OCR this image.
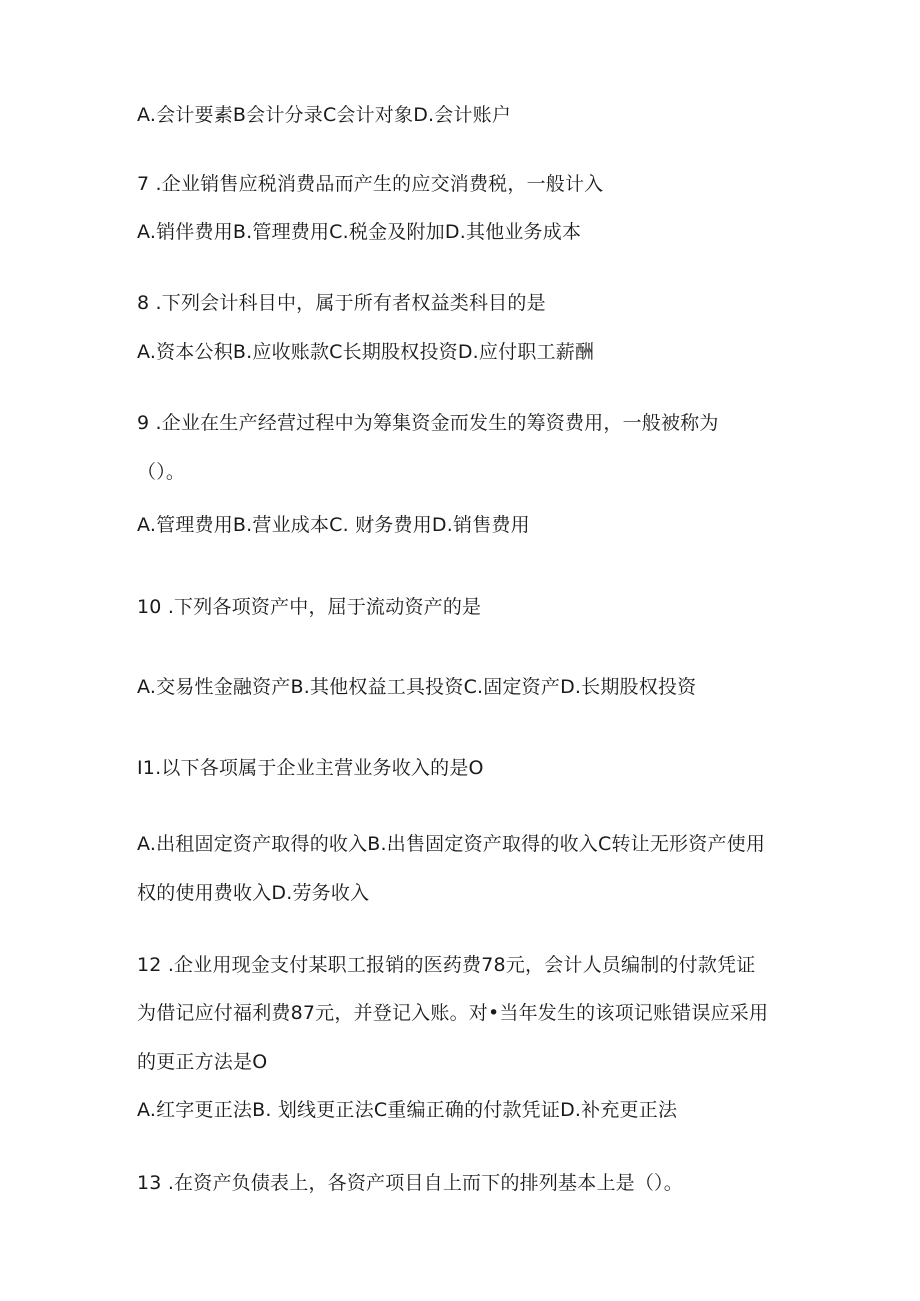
A.会计要素B会计分录C会计对象D.会计账户
7 .企业销售应税消费品而产生的应交消费税，一般计入
A.销伴费用B.管理费用C.税金及附加D.其他业务成本
8 .下列会计科目中，属于所有者权益类科目的是
A.资本公积B.应收账款C长期股权投资D.应付职工薪酬
9 .企业在生产经营过程中为筹集资金而发生的筹资费用，一般被称为
（）。
A.管理费用B.营业成本C. 财务费用D.销售费用
10 .下列各项资产中，屈于流动资产的是
A.交易性金融资产B.其他权益工具投资C.固定资产D.长期股权投资
I1.以下各项属于企业主营业务收入的是O
A.出租固定资产取得的收入B.出售固定资产取得的收入C转让无形资产使用
权的使用费收入D.劳务收入
12 .企业用现金支付某职工报销的医药费78元，会计人员编制的付款凭证
为借记应付福利费87元，并登记入账。对•当年发生的该项记账错误应采用
的更正方法是O
A.红字更正法B. 划线更正法C重编正确的付款凭证D.补充更正法
13 .在资产负债表上，各资产项目自上而下的排列基本上是（）。
